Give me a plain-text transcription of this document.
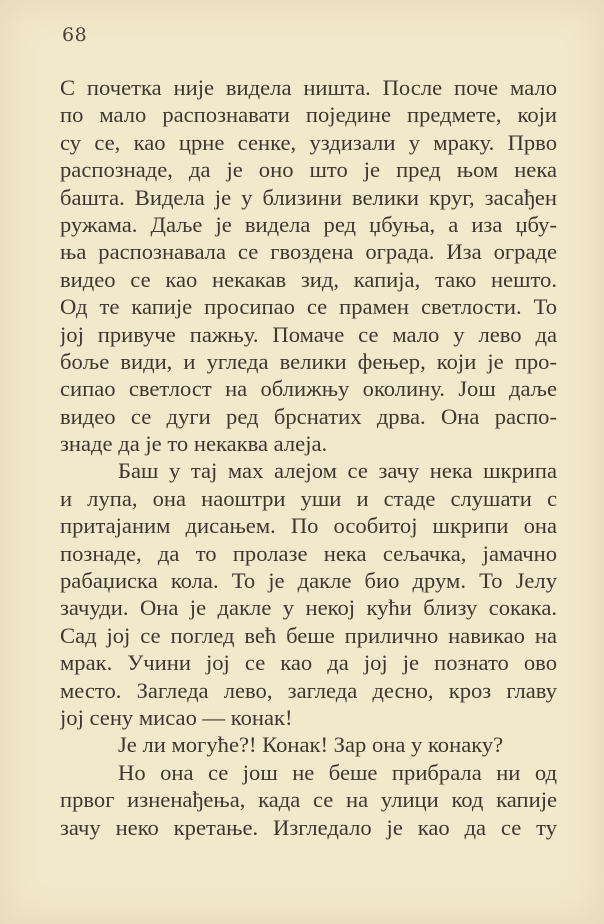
68
С почетка није видела ништа. После поче мало
по мало распознавати поједине предмете, који
су се, као црне сенке, уздизали у мраку. Прво
распознаде, да је оно што је пред њом нека
башта. Видела је у близини велики круг, засађен
ружама. Даље је видела ред џбуња, а иза џбу-
ња распознавала се гвоздена ограда. Иза ограде
видео се као некакав зид, капија, тако нешто.
Од те капије просипао се прамен светлости. То
јој привуче пажњу. Помаче се мало у лево да
боље види, и угледа велики фењер, који је про-
сипао светлост на оближњу околину. Још даље
видео се дуги ред брснатих дрва. Она распо-
знаде да је то некаква алеја.
Баш у тај мах алејом се зачу нека шкрипа
и лупа, она наоштри уши и стаде слушати с
притајаним дисањем. По особитој шкрипи она
познаде, да то пролазе нека сељачка, јамачно
рабаџиска кола. То је дакле био друм. То Јелу
зачуди. Она је дакле у некој кући близу сокака.
Сад јој се поглед већ беше прилично навикао на
мрак. Учини јој се као да јој је познато ово
место. Загледа лево, загледа десно, кроз главу
јој сену мисао — конак!
Је ли могуће?! Конак! Зар она у конаку?
Но она се још не беше прибрала ни од
првог изненађења, када се на улици код капије
зачу неко кретање. Изгледало је као да се ту
